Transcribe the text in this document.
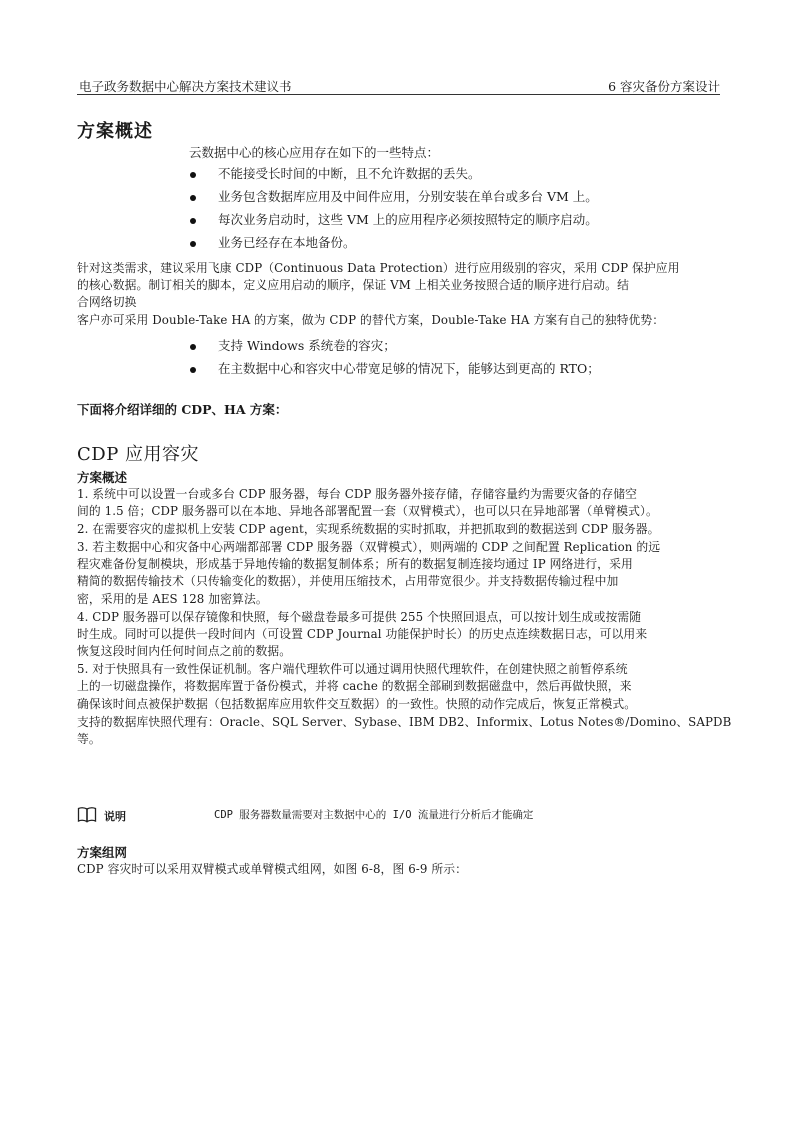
电子政务数据中心解决方案技术建议书	6 容灾备份方案设计
方案概述
云数据中心的核心应用存在如下的一些特点：
不能接受长时间的中断，且不允许数据的丢失。
业务包含数据库应用及中间件应用，分别安装在单台或多台 VM 上。
每次业务启动时，这些 VM 上的应用程序必须按照特定的顺序启动。
业务已经存在本地备份。
针对这类需求，建议采用飞康 CDP（Continuous Data Protection）进行应用级别的容灾，采用 CDP 保护应用
的核心数据。制订相关的脚本，定义应用启动的顺序，保证 VM 上相关业务按照合适的顺序进行启动。结
合网络切换
客户亦可采用 Double-Take HA 的方案，做为 CDP 的替代方案，Double-Take HA 方案有自己的独特优势：
支持 Windows 系统卷的容灾；
在主数据中心和容灾中心带宽足够的情况下，能够达到更高的 RTO；
下面将介绍详细的 CDP、HA 方案：
CDP 应用容灾
方案概述
1. 系统中可以设置一台或多台 CDP 服务器，每台 CDP 服务器外接存储，存储容量约为需要灾备的存储空
间的 1.5 倍；CDP 服务器可以在本地、异地各部署配置一套（双臂模式），也可以只在异地部署（单臂模式）。
2. 在需要容灾的虚拟机上安装 CDP agent，实现系统数据的实时抓取，并把抓取到的数据送到 CDP 服务器。
3. 若主数据中心和灾备中心两端都部署 CDP 服务器（双臂模式），则两端的 CDP 之间配置 Replication 的远
程灾难备份复制模块，形成基于异地传输的数据复制体系；所有的数据复制连接均通过 IP 网络进行，采用
精简的数据传输技术（只传输变化的数据），并使用压缩技术，占用带宽很少。并支持数据传输过程中加
密，采用的是 AES 128 加密算法。
4. CDP 服务器可以保存镜像和快照，每个磁盘卷最多可提供 255 个快照回退点，可以按计划生成或按需随
时生成。同时可以提供一段时间内（可设置 CDP Journal 功能保护时长）的历史点连续数据日志，可以用来
恢复这段时间内任何时间点之前的数据。
5. 对于快照具有一致性保证机制。客户端代理软件可以通过调用快照代理软件，在创建快照之前暂停系统
上的一切磁盘操作，将数据库置于备份模式，并将 cache 的数据全部刷到数据磁盘中，然后再做快照，来
确保该时间点被保护数据（包括数据库应用软件交互数据）的一致性。快照的动作完成后，恢复正常模式。
支持的数据库快照代理有：Oracle、SQL Server、Sybase、IBM DB2、Informix、Lotus Notes®/Domino、SAPDB
等。
说明	CDP 服务器数量需要对主数据中心的 I/O 流量进行分析后才能确定
方案组网
CDP 容灾时可以采用双臂模式或单臂模式组网，如图 6-8，图 6-9 所示：
